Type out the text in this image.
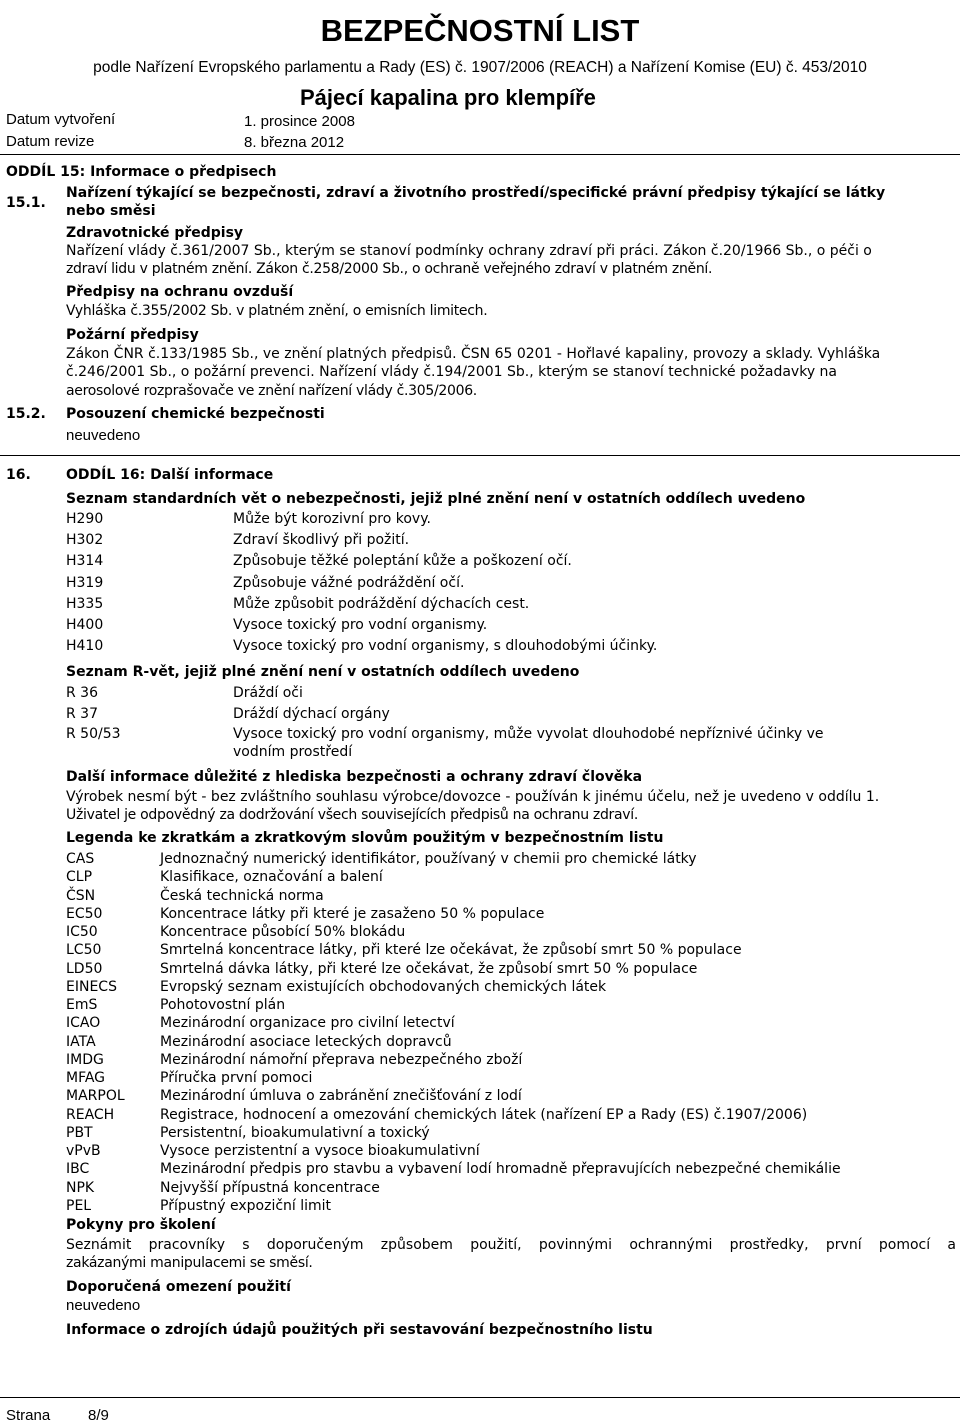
BEZPEČNOSTNÍ LIST
podle Nařízení Evropského parlamentu a Rady (ES) č. 1907/2006 (REACH) a Nařízení Komise (EU) č. 453/2010
Pájecí kapalina pro klempíře
Datum vytvoření	1. prosince 2008
Datum revize	8. března 2012
ODDÍL 15: Informace o předpisech
15.1.
Nařízení týkající se bezpečnosti, zdraví a životního prostředí/specifické právní předpisy týkající se látky
nebo směsi
Zdravotnické předpisy
Nařízení vlády č.361/2007 Sb., kterým se stanoví podmínky ochrany zdraví při práci. Zákon č.20/1966 Sb., o péči o
zdraví lidu v platném znění. Zákon č.258/2000 Sb., o ochraně veřejného zdraví v platném znění.
Předpisy na ochranu ovzduší
Vyhláška č.355/2002 Sb. v platném znění, o emisních limitech.
Požární předpisy
Zákon ČNR č.133/1985 Sb., ve znění platných předpisů. ČSN 65 0201 - Hořlavé kapaliny, provozy a sklady. Vyhláška
č.246/2001 Sb., o požární prevenci. Nařízení vlády č.194/2001 Sb., kterým se stanoví technické požadavky na
aerosolové rozprašovače ve znění nařízení vlády č.305/2006.
15.2. Posouzení chemické bezpečnosti
neuvedeno
16.	ODDÍL 16: Další informace
Seznam standardních vět o nebezpečnosti, jejiž plné znění není v ostatních oddílech uvedeno
H290	Může být korozivní pro kovy.
H302	Zdraví škodlivý při požití.
H314	Způsobuje těžké poleptání kůže a poškození očí.
H319	Způsobuje vážné podráždění očí.
H335	Může způsobit podráždění dýchacích cest.
H400	Vysoce toxický pro vodní organismy.
H410	Vysoce toxický pro vodní organismy, s dlouhodobými účinky.
Seznam R-vět, jejiž plné znění není v ostatních oddílech uvedeno
R 36	Dráždí oči
R 37	Dráždí dýchací orgány
R 50/53	Vysoce toxický pro vodní organismy, může vyvolat dlouhodobé nepříznivé účinky ve
vodním prostředí
Další informace důležité z hlediska bezpečnosti a ochrany zdraví člověka
Výrobek nesmí být - bez zvláštního souhlasu výrobce/dovozce - používán k jinému účelu, než je uvedeno v oddílu 1.
Uživatel je odpovědný za dodržování všech souvisejících předpisů na ochranu zdraví.
Legenda ke zkratkám a zkratkovým slovům použitým v bezpečnostním listu
CAS	Jednoznačný numerický identifikátor, používaný v chemii pro chemické látky
CLP	Klasifikace, označování a balení
ČSN	Česká technická norma
EC50	Koncentrace látky při které je zasaženo 50 % populace
IC50	Koncentrace působící 50% blokádu
LC50	Smrtelná koncentrace látky, při které lze očekávat, že způsobí smrt 50 % populace
LD50	Smrtelná dávka látky, při které lze očekávat, že způsobí smrt 50 % populace
EINECS	Evropský seznam existujících obchodovaných chemických látek
EmS	Pohotovostní plán
ICAO	Mezinárodní organizace pro civilní letectví
IATA	Mezinárodní asociace leteckých dopravců
IMDG	Mezinárodní námořní přeprava nebezpečného zboží
MFAG	Příručka první pomoci
MARPOL	Mezinárodní úmluva o zabránění znečišťování z lodí
REACH	Registrace, hodnocení a omezování chemických látek (nařízení EP a Rady (ES) č.1907/2006)
PBT	Persistentní, bioakumulativní a toxický
vPvB	Vysoce perzistentní a vysoce bioakumulativní
IBC	Mezinárodní předpis pro stavbu a vybavení lodí hromadně přepravujících nebezpečné chemikálie
NPK	Nejvyšší přípustná koncentrace
PEL	Přípustný expoziční limit
Pokyny pro školení
Seznámit pracovníky s doporučeným způsobem použití, povinnými ochrannými prostředky, první pomocí a
zakázanými manipulacemi se směsí.
Doporučená omezení použití
neuvedeno
Informace o zdrojích údajů použitých při sestavování bezpečnostního listu
Strana	8/9
